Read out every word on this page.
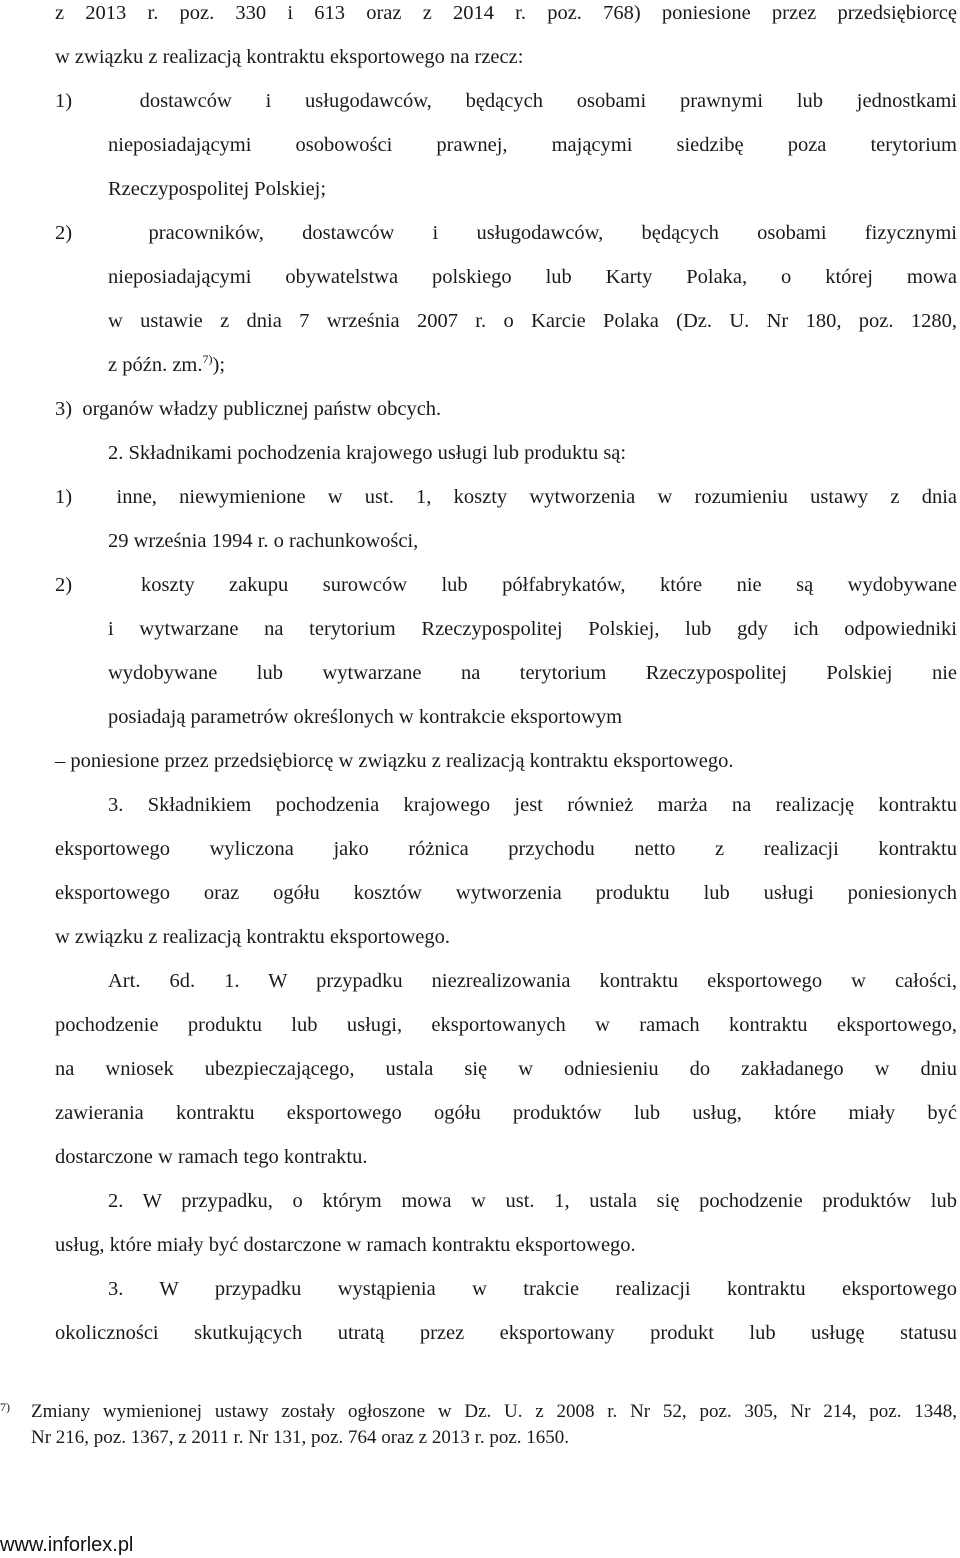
z 2013 r. poz. 330 i 613 oraz z 2014 r. poz. 768) poniesione przez przedsiębiorcę
w związku z realizacją kontraktu eksportowego na rzecz:
1)  dostawców i usługodawców, będących osobami prawnymi lub jednostkami
nieposiadającymi osobowości prawnej, mającymi siedzibę poza terytorium
Rzeczypospolitej Polskiej;
2)  pracowników, dostawców i usługodawców, będących osobami fizycznymi
nieposiadającymi obywatelstwa polskiego lub Karty Polaka, o której mowa
w ustawie z dnia 7 września 2007 r. o Karcie Polaka (Dz. U. Nr 180, poz. 1280,
z późn. zm.$^{7)}$);
3)  organów władzy publicznej państw obcych.
2. Składnikami pochodzenia krajowego usługi lub produktu są:
1)  inne, niewymienione w ust. 1, koszty wytworzenia w rozumieniu ustawy z dnia
29 września 1994 r. o rachunkowości,
2)  koszty zakupu surowców lub półfabrykatów, które nie są wydobywane
i wytwarzane na terytorium Rzeczypospolitej Polskiej, lub gdy ich odpowiedniki
wydobywane lub wytwarzane na terytorium Rzeczypospolitej Polskiej nie
posiadają parametrów określonych w kontrakcie eksportowym
– poniesione przez przedsiębiorcę w związku z realizacją kontraktu eksportowego.
3. Składnikiem pochodzenia krajowego jest również marża na realizację kontraktu
eksportowego wyliczona jako różnica przychodu netto z realizacji kontraktu
eksportowego oraz ogółu kosztów wytworzenia produktu lub usługi poniesionych
w związku z realizacją kontraktu eksportowego.
Art. 6d. 1. W przypadku niezrealizowania kontraktu eksportowego w całości,
pochodzenie produktu lub usługi, eksportowanych w ramach kontraktu eksportowego,
na wniosek ubezpieczającego, ustala się w odniesieniu do zakładanego w dniu
zawierania kontraktu eksportowego ogółu produktów lub usług, które miały być
dostarczone w ramach tego kontraktu.
2. W przypadku, o którym mowa w ust. 1, ustala się pochodzenie produktów lub
usług, które miały być dostarczone w ramach kontraktu eksportowego.
3. W przypadku wystąpienia w trakcie realizacji kontraktu eksportowego
okoliczności skutkujących utratą przez eksportowany produkt lub usługę statusu
7) Zmiany wymienionej ustawy zostały ogłoszone w Dz. U. z 2008 r. Nr 52, poz. 305, Nr 214, poz. 1348,
Nr 216, poz. 1367, z 2011 r. Nr 131, poz. 764 oraz z 2013 r. poz. 1650.
www.inforlex.pl
